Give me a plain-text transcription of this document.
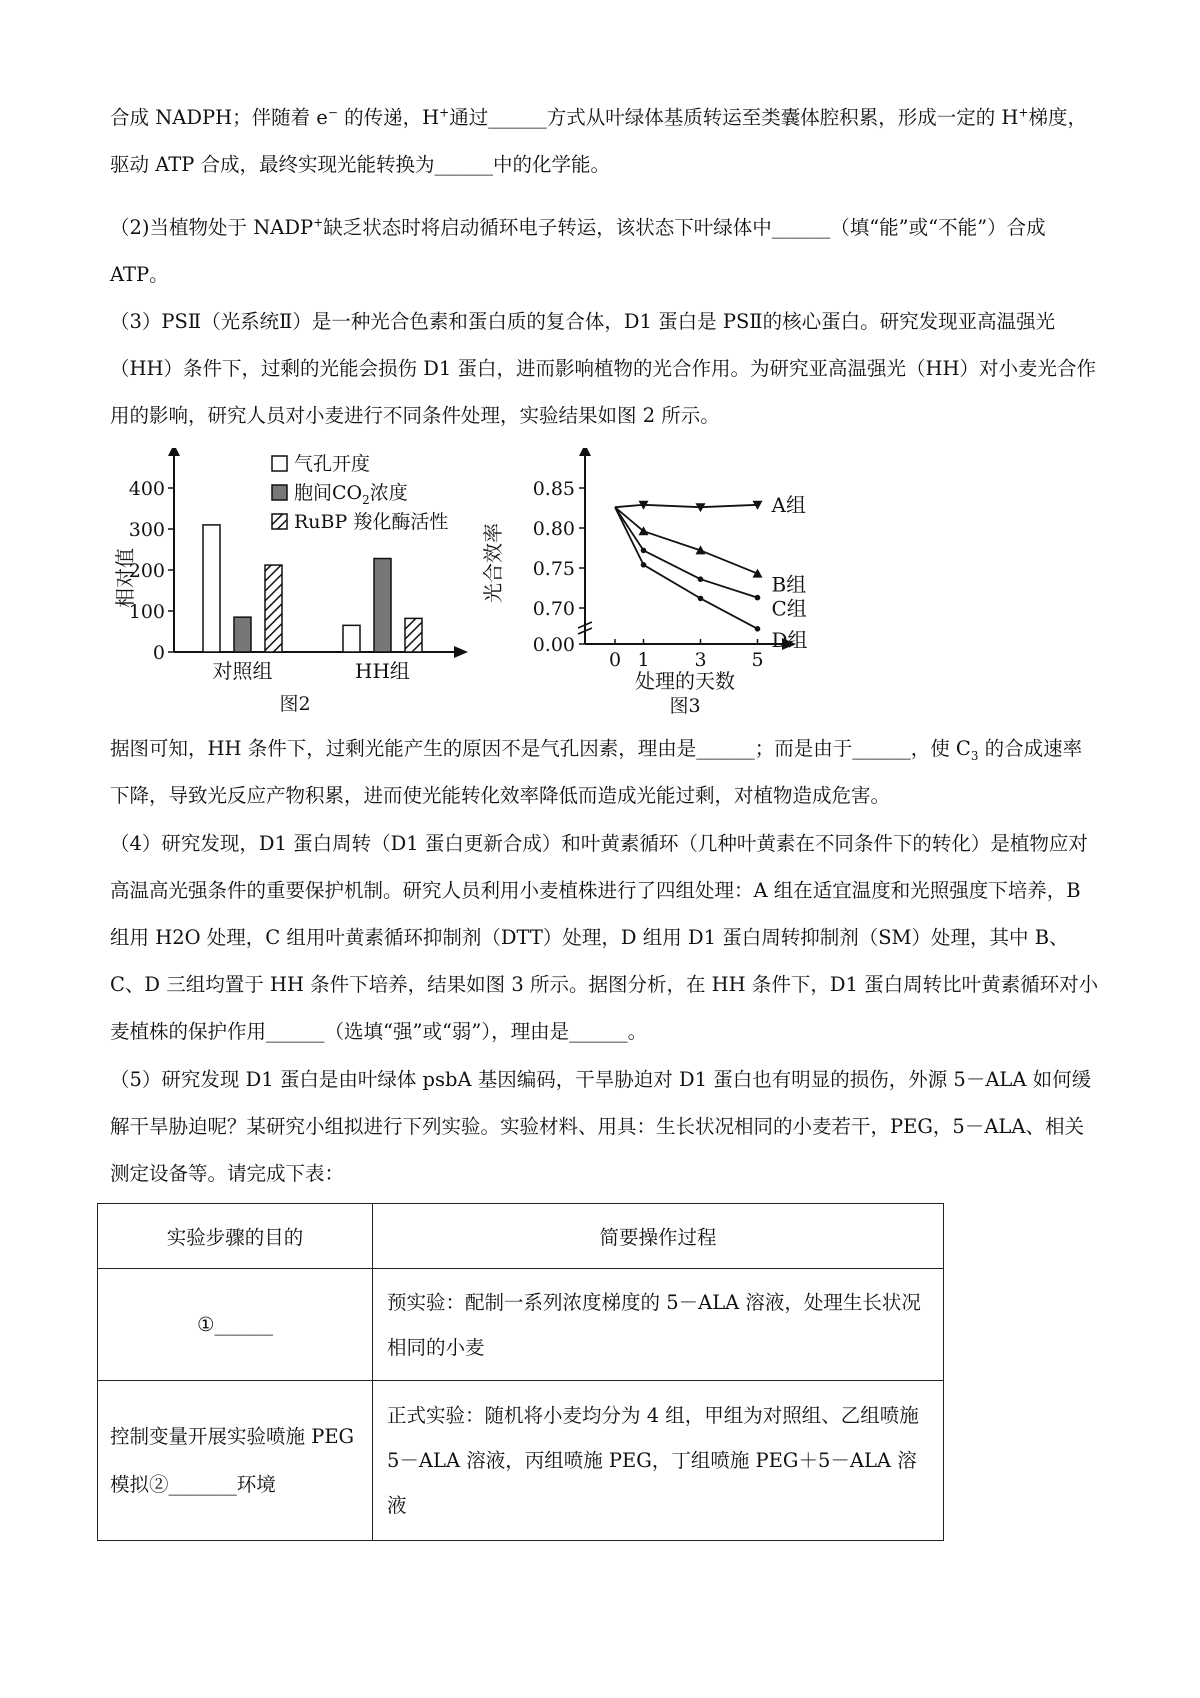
合成 NADPH；伴随着 e− 的传递，H+通过______方式从叶绿体基质转运至类囊体腔积累，形成一定的 H+梯度，驱动 ATP 合成，最终实现光能转换为______中的化学能。

（2)当植物处于 NADP+缺乏状态时将启动循环电子转运，该状态下叶绿体中______（填“能”或“不能”）合成 ATP。

（3）PSⅡ（光系统Ⅱ）是一种光合色素和蛋白质的复合体，D1 蛋白是 PSⅡ的核心蛋白。研究发现亚高温强光（HH）条件下，过剩的光能会损伤 D1 蛋白，进而影响植物的光合作用。为研究亚高温强光（HH）对小麦光合作用的影响，研究人员对小麦进行不同条件处理，实验结果如图 2 所示。

0
100
200
300
400
相对值
对照组	HH组
气孔开度
胞间$CO_2$浓度
RuBP 羧化酶活性
图2
0.00
0.70
0.75
0.80
0.85
0 1 3 5
光合效率
处理的天数
A组
B组
C组
D组
图3

据图可知，HH 条件下，过剩光能产生的原因不是气孔因素，理由是______；而是由于______，使 $C_3$ 的合成速率下降，导致光反应产物积累，进而使光能转化效率降低而造成光能过剩，对植物造成危害。

（4）研究发现，D1 蛋白周转（D1 蛋白更新合成）和叶黄素循环（几种叶黄素在不同条件下的转化）是植物应对高温高光强条件的重要保护机制。研究人员利用小麦植株进行了四组处理：A 组在适宜温度和光照强度下培养，B 组用 H2O 处理，C 组用叶黄素循环抑制剂（DTT）处理，D 组用 D1 蛋白周转抑制剂（SM）处理，其中 B、C、D 三组均置于 HH 条件下培养，结果如图 3 所示。据图分析，在 HH 条件下，D1 蛋白周转比叶黄素循环对小麦植株的保护作用______（选填“强”或“弱”），理由是______。

（5）研究发现 D1 蛋白是由叶绿体 psbA 基因编码，干旱胁迫对 D1 蛋白也有明显的损伤，外源 5－ALA 如何缓解干旱胁迫呢？某研究小组拟进行下列实验。实验材料、用具：生长状况相同的小麦若干，PEG，5－ALA、相关测定设备等。请完成下表：

实验步骤的目的	简要操作过程
①______	预实验：配制一系列浓度梯度的 5－ALA 溶液，处理生长状况相同的小麦
控制变量开展实验喷施 PEG 模拟②_______环境	正式实验：随机将小麦均分为 4 组，甲组为对照组、乙组喷施 5－ALA 溶液，丙组喷施 PEG，丁组喷施 PEG＋5－ALA 溶液
